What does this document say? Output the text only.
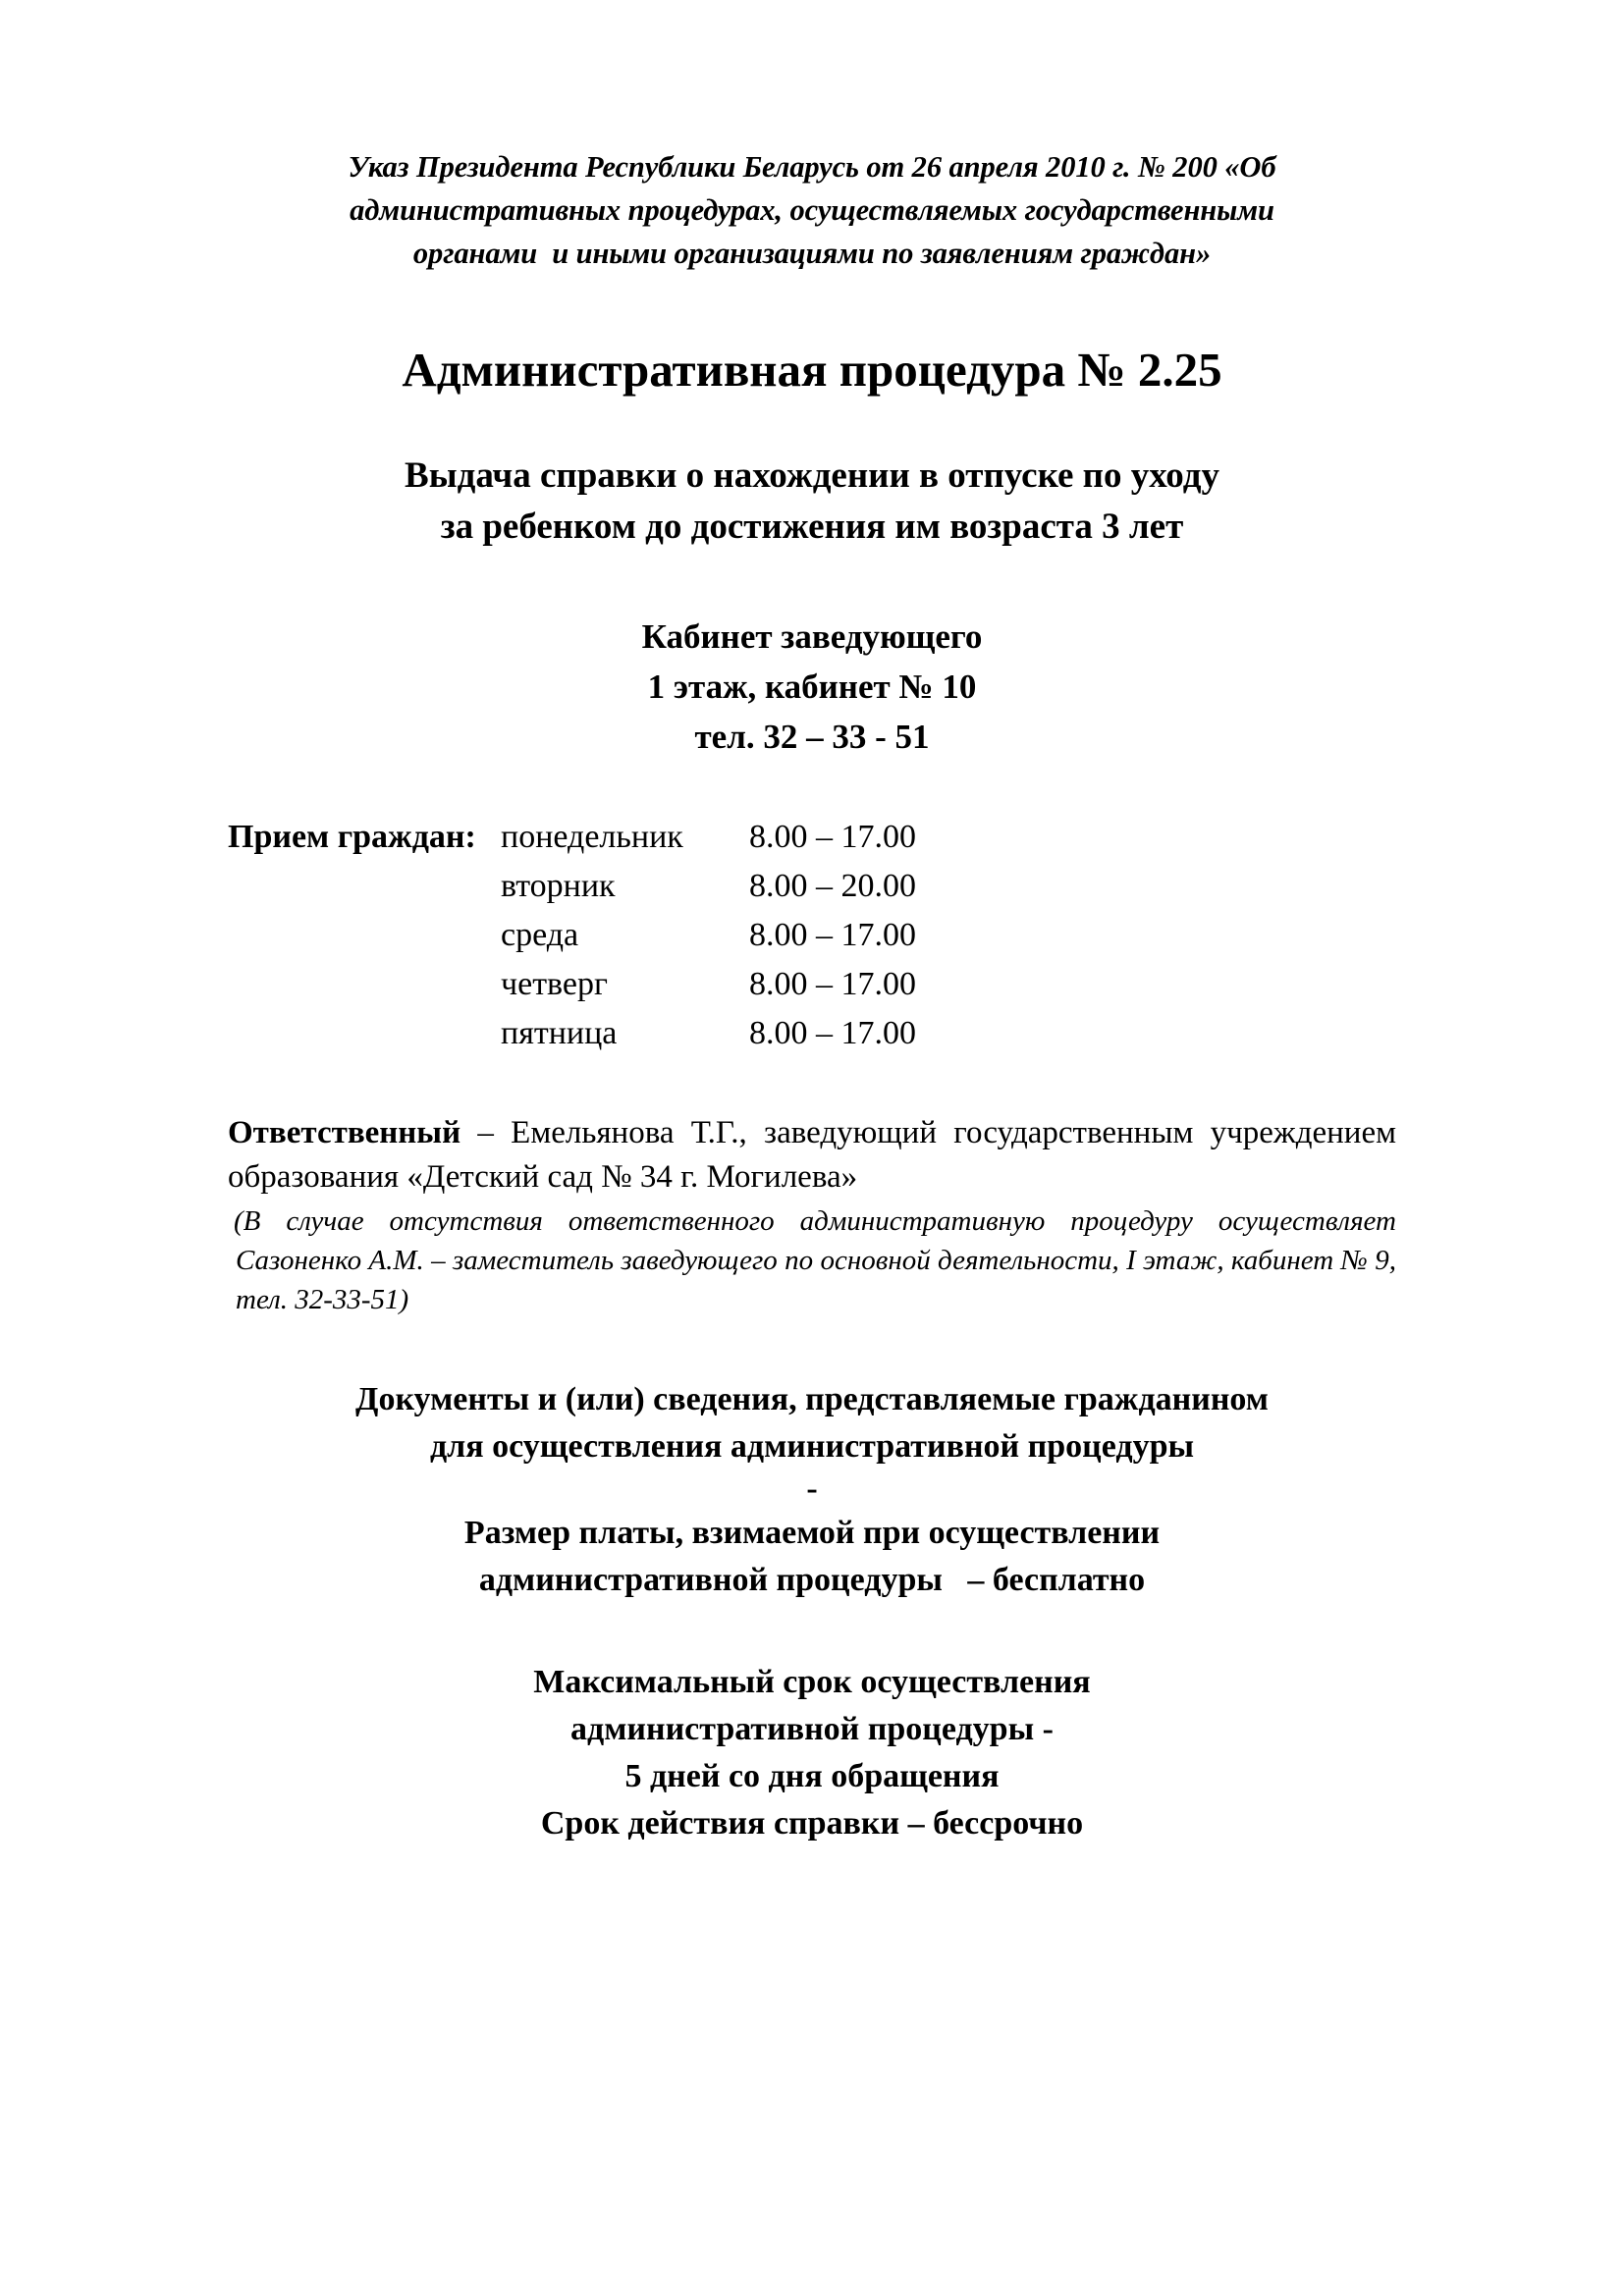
Указ Президента Республики Беларусь от 26 апреля 2010 г. № 200 «Об
административных процедурах, осуществляемых государственными
органами  и иными организациями по заявлениям граждан»
Административная процедура № 2.25
Выдача справки о нахождении в отпуске по уходу
за ребенком до достижения им возраста 3 лет
Кабинет заведующего
1 этаж, кабинет № 10
тел. 32 – 33 - 51
Прием граждан: понедельник	8.00 – 17.00
вторник	8.00 – 20.00
среда	8.00 – 17.00
четверг	8.00 – 17.00
пятница	8.00 – 17.00
Ответственный – Емельянова Т.Г., заведующий государственным учреждением образования «Детский сад № 34 г. Могилева»
(В случае отсутствия ответственного административную процедуру осуществляет Сазоненко А.М. – заместитель заведующего по основной деятельности, I этаж, кабинет № 9, тел. 32-33-51)
Документы и (или) сведения, представляемые гражданином
для осуществления административной процедуры
-
Размер платы, взимаемой при осуществлении
административной процедуры   – бесплатно
Максимальный срок осуществления
административной процедуры -
5 дней со дня обращения
Срок действия справки – бессрочно
